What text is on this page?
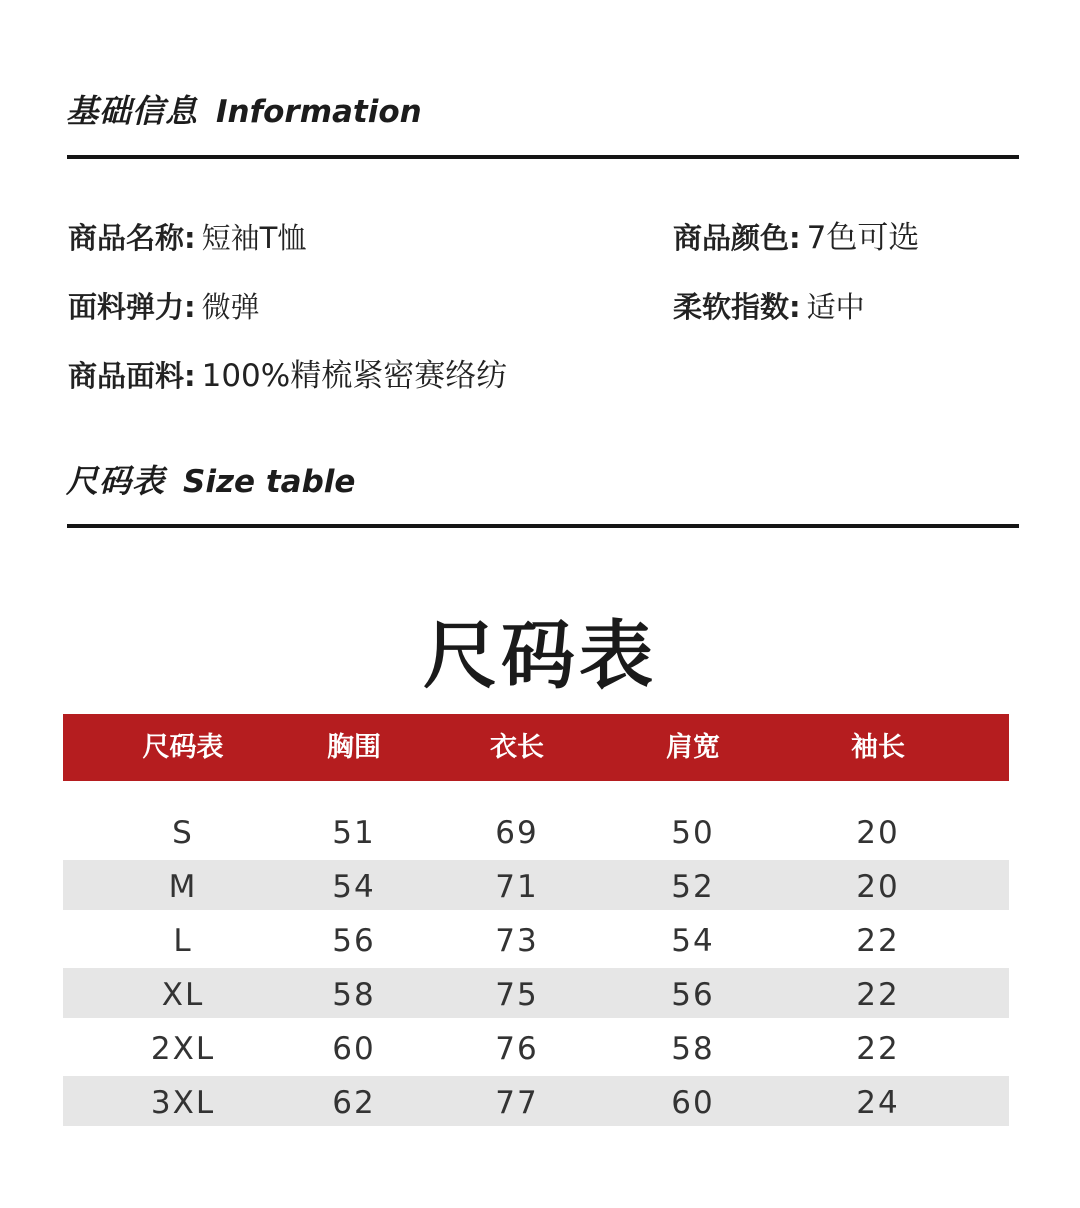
基础信息 Information
商品名称: 短袖T恤	商品颜色: 7色可选
面料弹力: 微弹	柔软指数: 适中
商品面料: 100%精梳紧密赛络纺
尺码表 Size table
尺码表
尺码表	胸围	衣长	肩宽	袖长
S	51	69	50	20
M	54	71	52	20
L	56	73	54	22
XL	58	75	56	22
2XL	60	76	58	22
3XL	62	77	60	24
